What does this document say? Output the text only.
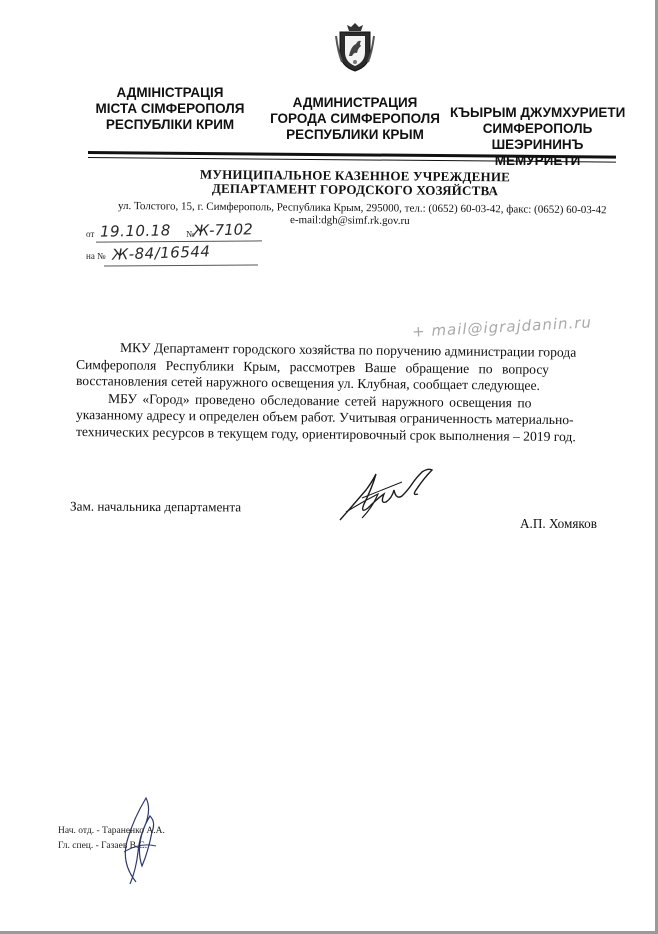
АДМІНІСТРАЦІЯ
МІСТА СІМФЕРОПОЛЯ
РЕСПУБЛІКИ КРИМ
АДМИНИСТРАЦИЯ
ГОРОДА СИМФЕРОПОЛЯ
РЕСПУБЛИКИ КРЫМ
КЪЫРЫМ ДЖУМХУРИЕТИ
СИМФЕРОПОЛЬ
ШЕЭРИНИНЪ
МУНИЦИПАЛЬНОЕ КАЗЕННОЕ УЧРЕЖДЕНИЕ
ДЕПАРТАМЕНТ ГОРОДСКОГО ХОЗЯЙСТВА
ул. Толстого, 15, г. Симферополь, Республика Крым, 295000, тел.: (0652) 60-03-42, факс: (0652) 60-03-42
e-mail:dgh@simf.rk.gov.ru
от	№
на №
19.10.18 Ж-7102
Ж-84/16544
+ mail@igrajdanin.ru
МКУ Департамент городского хозяйства по поручению администрации города
Симферополя Республики Крым, рассмотрев Ваше обращение по вопросу
восстановления сетей наружного освещения ул. Клубная, сообщает следующее.
МБУ «Город» проведено обследование сетей наружного освещения по
указанному адресу и определен объем работ. Учитывая ограниченность материально-
технических ресурсов в текущем году, ориентировочный срок выполнения – 2019 год.
Зам. начальника департамента
А.П. Хомяков
Нач. отд. - Тараненко А.А.
Гл. спец. - Газаев В.С.
